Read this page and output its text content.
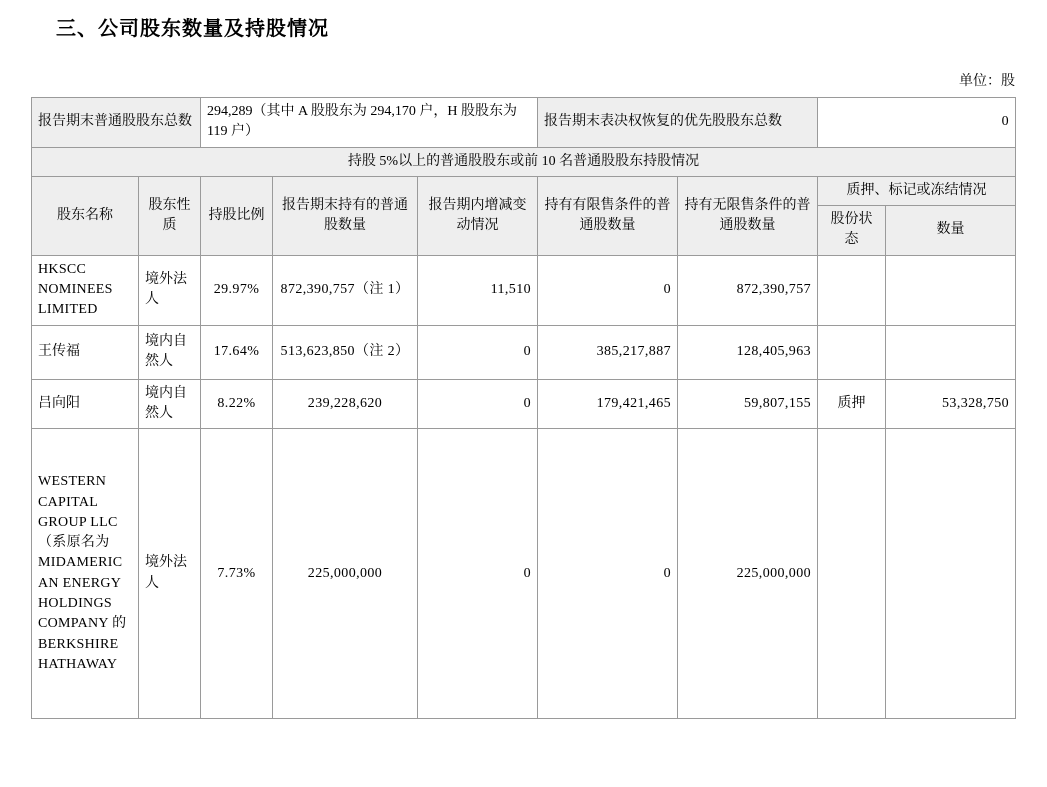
三、公司股东数量及持股情况
单位：股
报告期末普通股股东总数		294,289（其中 A 股股东为 294,170 户，H 股股东为 119 户）			报告期末表决权恢复的优先股股东总数		0	
持股 5%以上的普通股股东或前 10 名普通股股东持股情况								
股东名称	股东性质	持股比例	报告期末持有的普通股数量	报告期内增减变动情况	持有有限售条件的普通股数量	持有无限售条件的普通股数量	质押、标记或冻结情况	
							股份状态	数量
HKSCC NOMINEES LIMITED	境外法人	29.97%	872,390,757（注 1）	11,510	0	872,390,757		
王传福	境内自然人	17.64%	513,623,850（注 2）	0	385,217,887	128,405,963		
吕向阳	境内自然人	8.22%	239,228,620	0	179,421,465	59,807,155	质押	53,328,750
WESTERN CAPITAL GROUP LLC（系原名为 MIDAMERICAN ENERGY HOLDINGS COMPANY 的 BERKSHIRE HATHAWAY	境外法人	7.73%	225,000,000	0	0	225,000,000		
